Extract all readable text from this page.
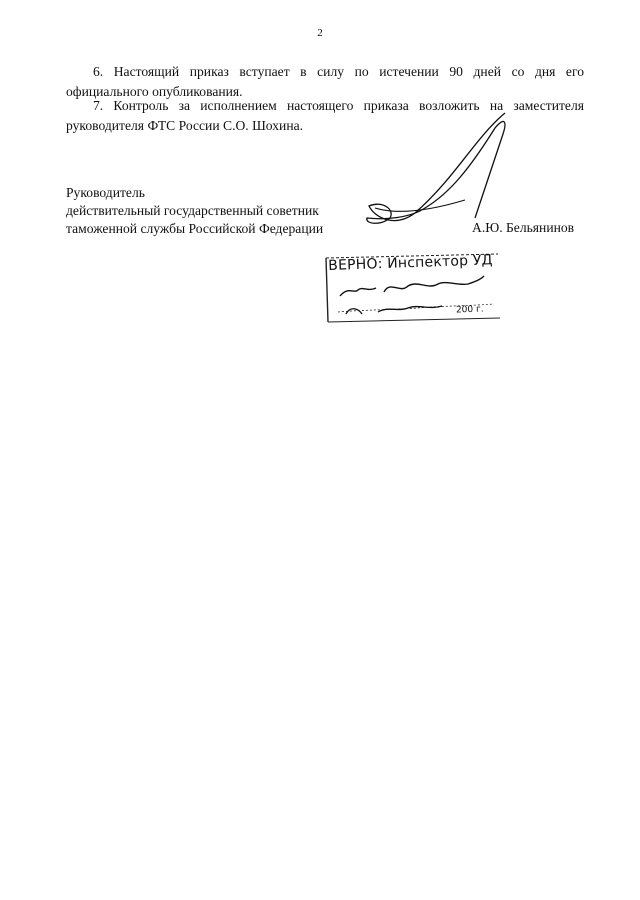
2

6. Настоящий приказ вступает в силу по истечении 90 дней со дня его официального опубликования.

7. Контроль за исполнением настоящего приказа возложить на заместителя руководителя ФТС России С.О. Шохина.

Руководитель
действительный государственный советник
таможенной службы Российской Федерации	А.Ю. Бельянинов
ВЕРНО: Инспектор УД
200 г.
